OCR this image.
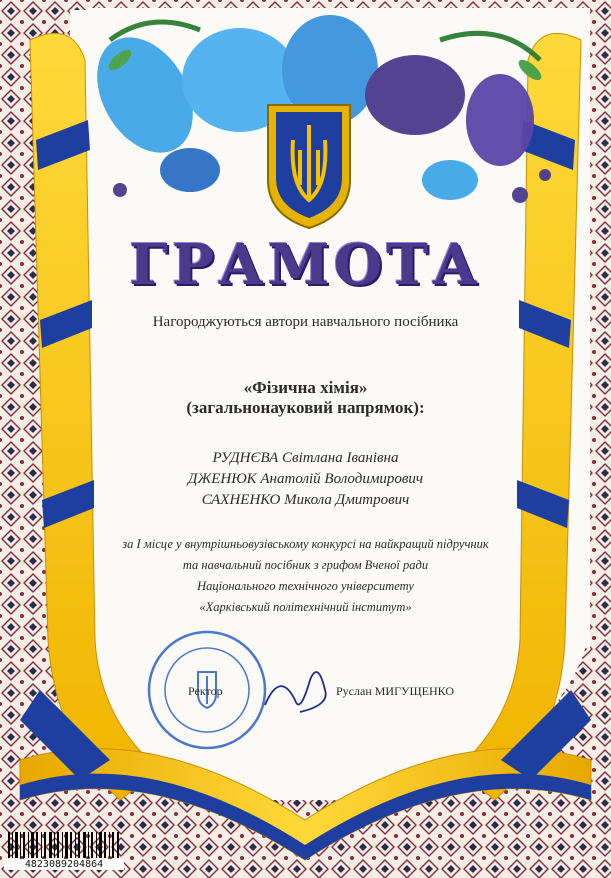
ГРАМОТА
Нагороджуються автори навчального посібника
«Фізична хімія»
(загальнонауковий напрямок):
РУДНЄВА Світлана Іванівна
ДЖЕНЮК Анатолій Володимирович
САХНЕНКО Микола Дмитрович
за I місце у внутрішньовузівському конкурсі на найкращий підручник
та навчальний посібник з грифом Вченої ради
Національного технічного університету
«Харківський політехнічний інститут»
Ректор	Руслан МИГУЩЕНКО
4823089204864
